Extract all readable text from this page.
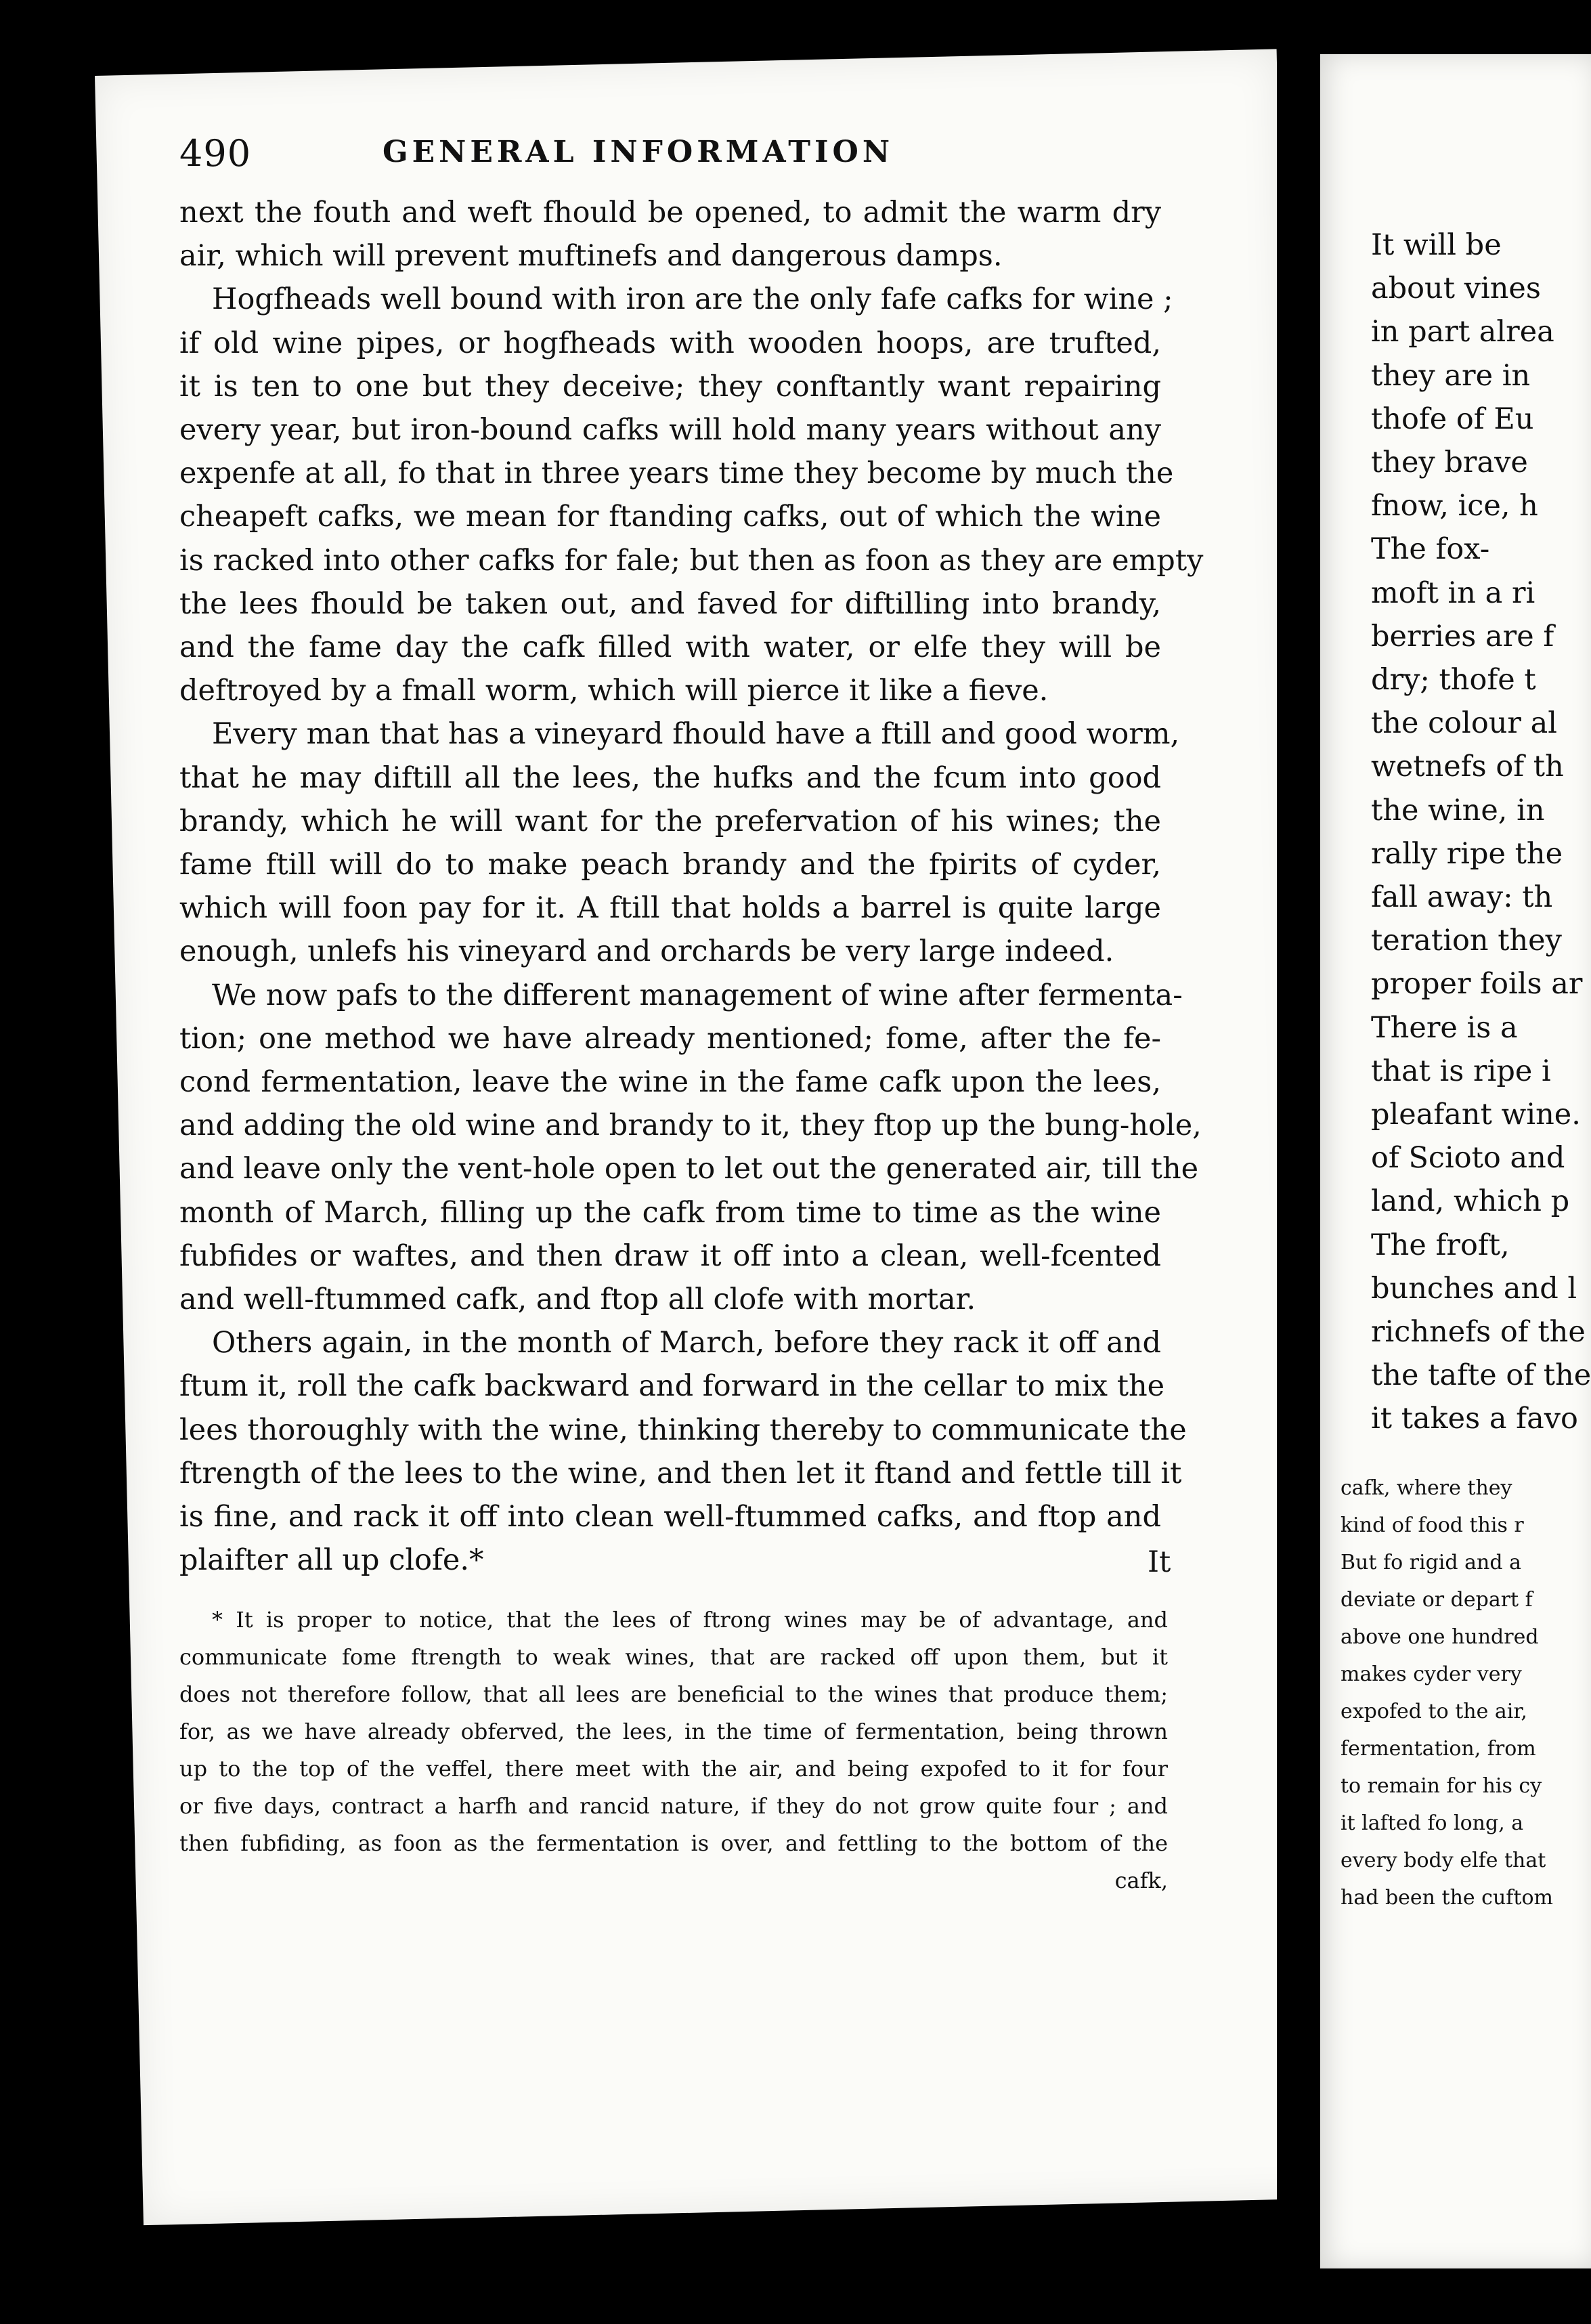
490	GENERAL INFORMATION
next the fouth and weft fhould be opened, to admit the warm dry
air, which will prevent muftinefs and dangerous damps.
Hogfheads well bound with iron are the only fafe cafks for wine ;
if old wine pipes, or hogfheads with wooden hoops, are trufted,
it is ten to one but they deceive; they conftantly want repairing
every year, but iron-bound cafks will hold many years without any
expenfe at all, fo that in three years time they become by much the
cheapeft cafks, we mean for ftanding cafks, out of which the wine
is racked into other cafks for fale; but then as foon as they are empty
the lees fhould be taken out, and faved for diftilling into brandy,
and the fame day the cafk filled with water, or elfe they will be
deftroyed by a fmall worm, which will pierce it like a fieve.
Every man that has a vineyard fhould have a ftill and good worm,
that he may diftill all the lees, the hufks and the fcum into good
brandy, which he will want for the prefervation of his wines; the
fame ftill will do to make peach brandy and the fpirits of cyder,
which will foon pay for it. A ftill that holds a barrel is quite large
enough, unlefs his vineyard and orchards be very large indeed.
We now pafs to the different management of wine after fermenta-
tion; one method we have already mentioned; fome, after the fe-
cond fermentation, leave the wine in the fame cafk upon the lees,
and adding the old wine and brandy to it, they ftop up the bung-hole,
and leave only the vent-hole open to let out the generated air, till the
month of March, filling up the cafk from time to time as the wine
fubfides or waftes, and then draw it off into a clean, well-fcented
and well-ftummed cafk, and ftop all clofe with mortar.
Others again, in the month of March, before they rack it off and
ftum it, roll the cafk backward and forward in the cellar to mix the
lees thoroughly with the wine, thinking thereby to communicate the
ftrength of the lees to the wine, and then let it ftand and fettle till it
is fine, and rack it off into clean well-ftummed cafks, and ftop and
plaifter all up clofe.*	It
* It is proper to notice, that the lees of ftrong wines may be of advantage, and
communicate fome ftrength to weak wines, that are racked off upon them, but it
does not therefore follow, that all lees are beneficial to the wines that produce them;
for, as we have already obferved, the lees, in the time of fermentation, being thrown
up to the top of the veffel, there meet with the air, and being expofed to it for four
or five days, contract a harfh and rancid nature, if they do not grow quite four ; and
then fubfiding, as foon as the fermentation is over, and fettling to the bottom of the
cafk,
It will be
about vines
in part alrea
they are in
thofe of Eu
they brave
fnow, ice, h
The fox-
moft in a ri
berries are f
dry; thofe t
the colour al
wetnefs of th
the wine, in
rally ripe the
fall away: th
teration they
proper foils ar
There is a
that is ripe i
pleafant wine.
of Scioto and
land, which p
The froft,
bunches and l
richnefs of the
the tafte of the
it takes a favo
cafk, where they
kind of food this r
But fo rigid and a
deviate or depart f
above one hundred
makes cyder very
expofed to the air,
fermentation, from
to remain for his cy
it lafted fo long, a
every body elfe that
had been the cuftom
